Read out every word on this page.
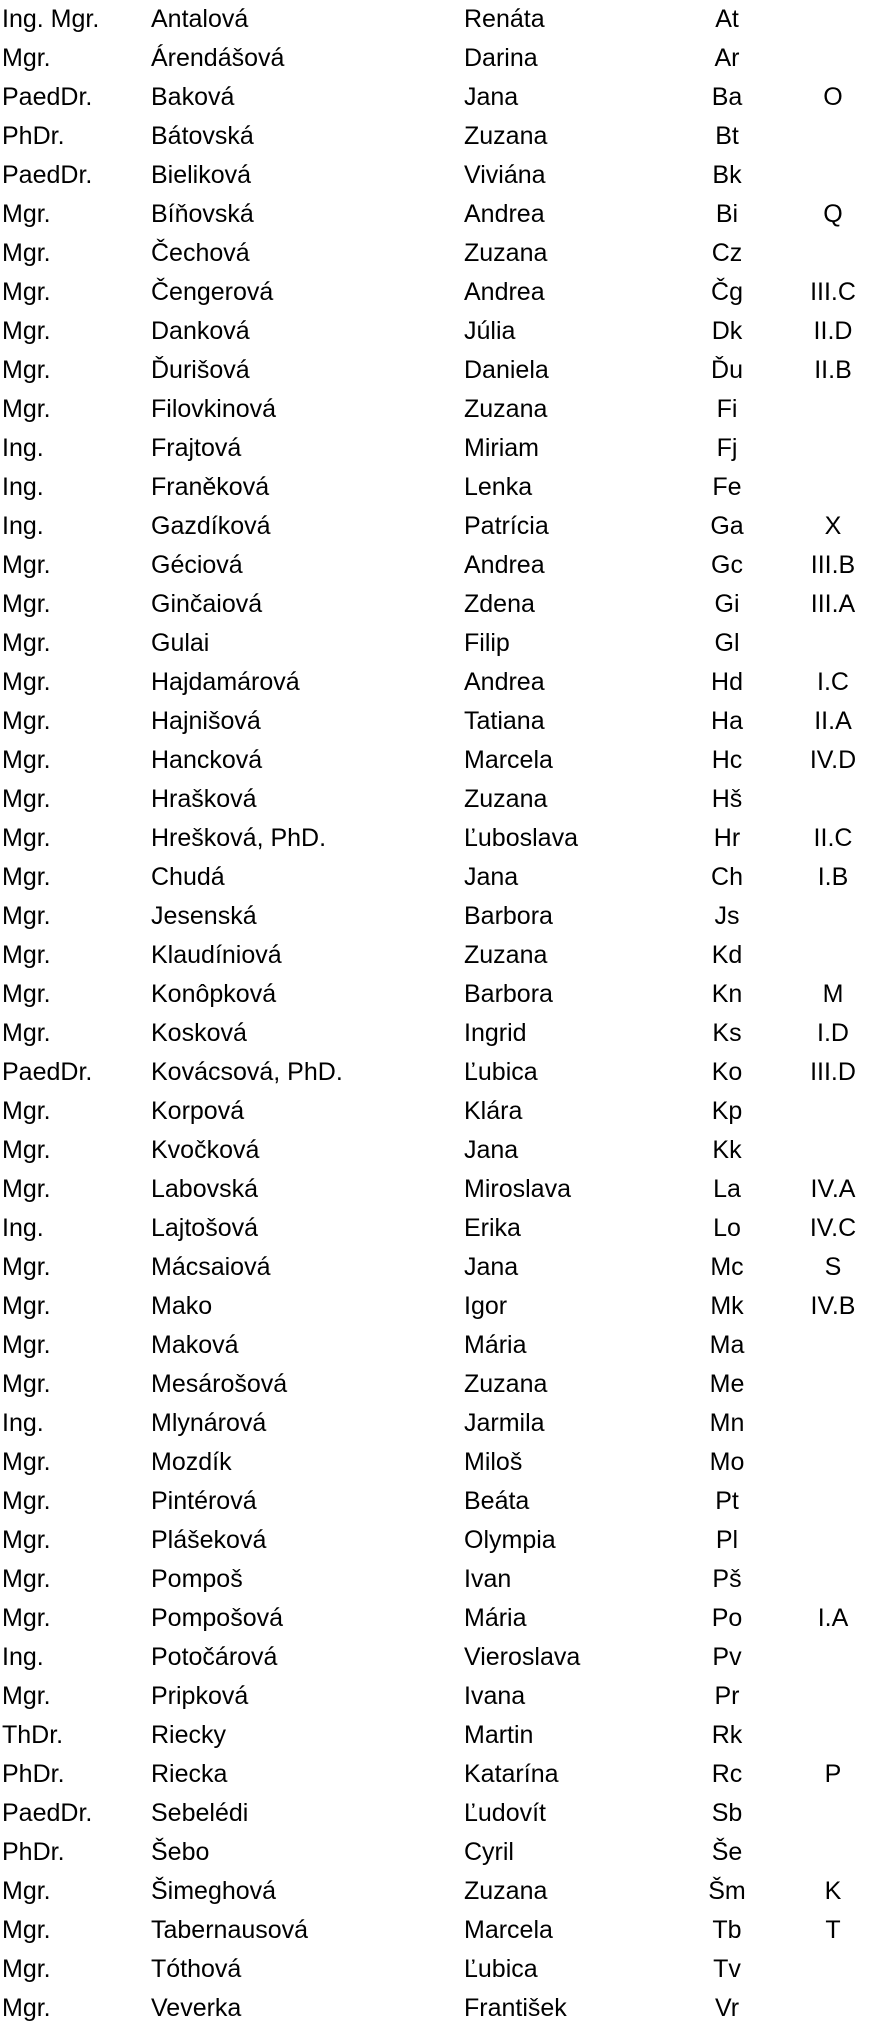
Ing. Mgr.	Antalová	Renáta	At	
Mgr.	Árendášová	Darina	Ar	
PaedDr.	Baková	Jana	Ba	O
PhDr.	Bátovská	Zuzana	Bt	
PaedDr.	Bieliková	Viviána	Bk	
Mgr.	Bíňovská	Andrea	Bi	Q
Mgr.	Čechová	Zuzana	Cz	
Mgr.	Čengerová	Andrea	Čg	III.C
Mgr.	Danková	Júlia	Dk	II.D
Mgr.	Ďurišová	Daniela	Ďu	II.B
Mgr.	Filovkinová	Zuzana	Fi	
Ing.	Frajtová	Miriam	Fj	
Ing.	Franěková	Lenka	Fe	
Ing.	Gazdíková	Patrícia	Ga	X
Mgr.	Géciová	Andrea	Gc	III.B
Mgr.	Ginčaiová	Zdena	Gi	III.A
Mgr.	Gulai	Filip	Gl	
Mgr.	Hajdamárová	Andrea	Hd	I.C
Mgr.	Hajnišová	Tatiana	Ha	II.A
Mgr.	Hancková	Marcela	Hc	IV.D
Mgr.	Hrašková	Zuzana	Hš	
Mgr.	Hrešková, PhD.	Ľuboslava	Hr	II.C
Mgr.	Chudá	Jana	Ch	I.B
Mgr.	Jesenská	Barbora	Js	
Mgr.	Klaudíniová	Zuzana	Kd	
Mgr.	Konôpková	Barbora	Kn	M
Mgr.	Kosková	Ingrid	Ks	I.D
PaedDr.	Kovácsová, PhD.	Ľubica	Ko	III.D
Mgr.	Korpová	Klára	Kp	
Mgr.	Kvočková	Jana	Kk	
Mgr.	Labovská	Miroslava	La	IV.A
Ing.	Lajtošová	Erika	Lo	IV.C
Mgr.	Mácsaiová	Jana	Mc	S
Mgr.	Mako	Igor	Mk	IV.B
Mgr.	Maková	Mária	Ma	
Mgr.	Mesárošová	Zuzana	Me	
Ing.	Mlynárová	Jarmila	Mn	
Mgr.	Mozdík	Miloš	Mo	
Mgr.	Pintérová	Beáta	Pt	
Mgr.	Plášeková	Olympia	Pl	
Mgr.	Pompoš	Ivan	Pš	
Mgr.	Pompošová	Mária	Po	I.A
Ing.	Potočárová	Vieroslava	Pv	
Mgr.	Pripková	Ivana	Pr	
ThDr.	Riecky	Martin	Rk	
PhDr.	Riecka	Katarína	Rc	P
PaedDr.	Sebelédi	Ľudovít	Sb	
PhDr.	Šebo	Cyril	Še	
Mgr.	Šimeghová	Zuzana	Šm	K
Mgr.	Tabernausová	Marcela	Tb	T
Mgr.	Tóthová	Ľubica	Tv	
Mgr.	Veverka	František	Vr	
